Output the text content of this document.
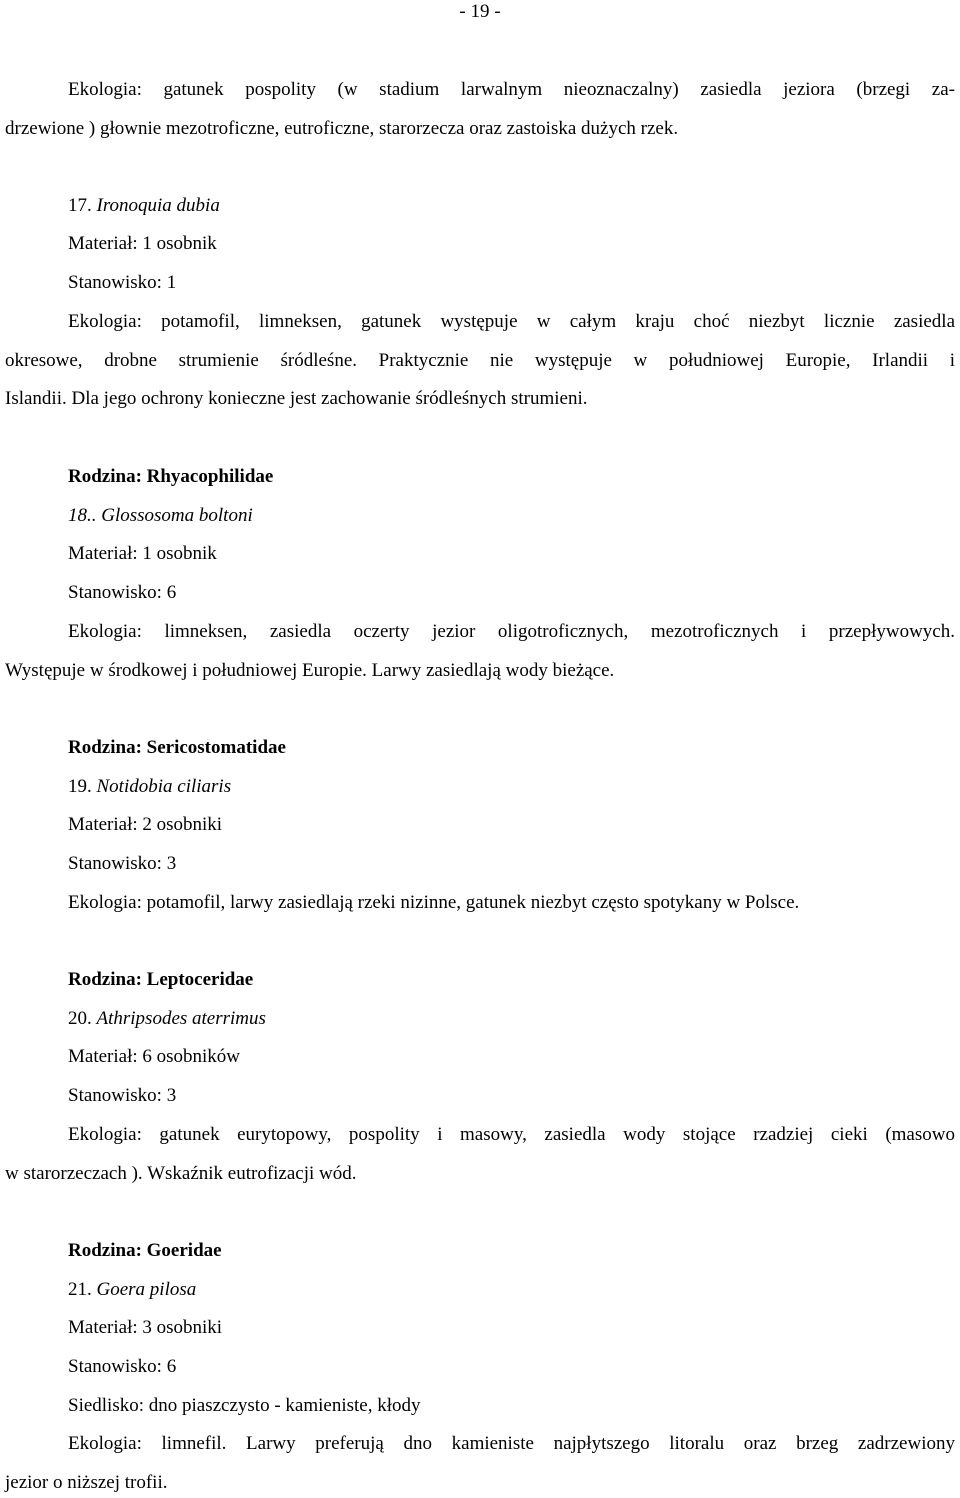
- 19 -
Ekologia: gatunek pospolity (w stadium larwalnym nieoznaczalny) zasiedla jeziora (brzegi za-
drzewione ) głownie mezotroficzne, eutroficzne, starorzecza oraz zastoiska dużych rzek.
17. Ironoquia dubia
Materiał: 1 osobnik
Stanowisko: 1
Ekologia: potamofil, limneksen, gatunek występuje w całym kraju choć niezbyt licznie zasiedla
okresowe, drobne strumienie śródleśne. Praktycznie nie występuje w południowej Europie, Irlandii i
Islandii. Dla jego ochrony konieczne jest zachowanie śródleśnych strumieni.
Rodzina: Rhyacophilidae
18.. Glossosoma boltoni
Materiał: 1 osobnik
Stanowisko: 6
Ekologia: limneksen, zasiedla oczerty jezior oligotroficznych, mezotroficznych i przepływowych.
Występuje w środkowej i południowej Europie. Larwy zasiedlają wody bieżące.
Rodzina: Sericostomatidae
19. Notidobia ciliaris
Materiał: 2 osobniki
Stanowisko: 3
Ekologia: potamofil, larwy zasiedlają rzeki nizinne, gatunek niezbyt często spotykany w Polsce.
Rodzina: Leptoceridae
20. Athripsodes aterrimus
Materiał: 6 osobników
Stanowisko: 3
Ekologia: gatunek eurytopowy, pospolity i masowy, zasiedla wody stojące rzadziej cieki (masowo
w starorzeczach ). Wskaźnik eutrofizacji wód.
Rodzina: Goeridae
21. Goera pilosa
Materiał: 3 osobniki
Stanowisko: 6
Siedlisko: dno piaszczysto - kamieniste, kłody
Ekologia: limnefil. Larwy preferują dno kamieniste najpłytszego litoralu oraz brzeg zadrzewiony
jezior o niższej trofii.
